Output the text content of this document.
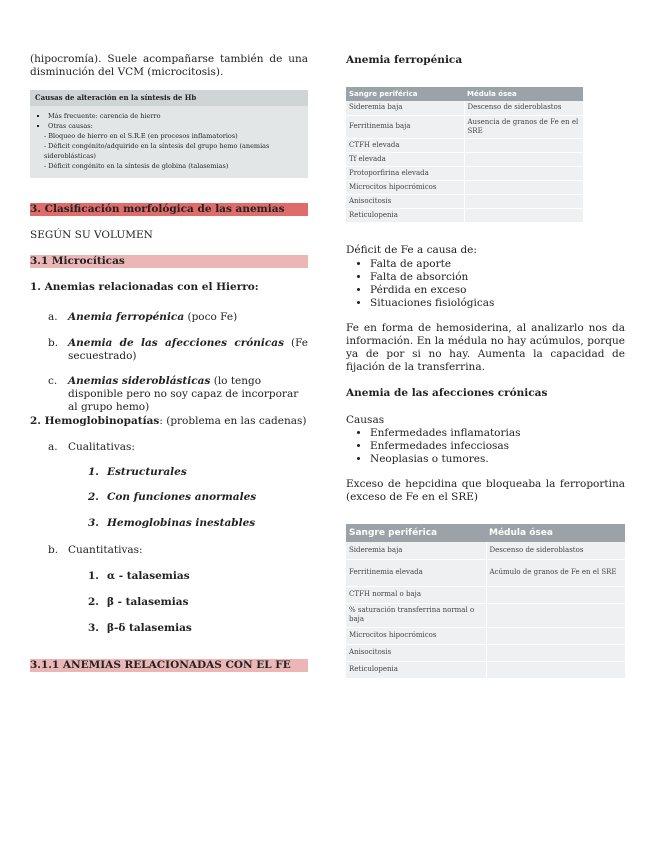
(hipocromía). Suele acompañarse también de una disminución del VCM (microcitosis).

Causas de alteración en la síntesis de Hb
▪ Más frecuente: carencia de hierro
▪ Otras causas:
- Bloqueo de hierro en el S.R.E (en procesos inflamatorios)
- Déficit congénito/adquirido en la síntesis del grupo hemo (anemias sideroblásticas)
- Déficit congénito en la síntesis de globina (talasemias)
3. Clasificación morfológica de las anemias
SEGÚN SU VOLUMEN
3.1 Microcíticas
1. Anemias relacionadas con el Hierro:
a. Anemia ferropénica (poco Fe)
b. Anemia de las afecciones crónicas (Fe secuestrado)
c. Anemias sideroblásticas (lo tengo disponible pero no soy capaz de incorporar al grupo hemo)
2. Hemoglobinopatías: (problema en las cadenas)
a. Cualitativas:
1. Estructurales
2. Con funciones anormales
3. Hemoglobinas inestables
b. Cuantitativas:
1. α - talasemias
2. β - talasemias
3. β-δ talasemias
3.1.1 ANEMIAS RELACIONADAS CON EL FE
Anemia ferropénica
Sangre periférica	Médula ósea
Sideremia baja	Descenso de sideroblastos
Ferritinemia baja	Ausencia de granos de Fe en el SRE
CTFH elevada	
Tf elevada	
Protoporfirina elevada	
Microcitos hipocrómicos	
Anisocitosis	
Reticulopenia	
Déficit de Fe a causa de:
• Falta de aporte
• Falta de absorción
• Pérdida en exceso
• Situaciones fisiológicas

Fe en forma de hemosiderina, al analizarlo nos da información. En la médula no hay acúmulos, porque ya de por si no hay. Aumenta la capacidad de fijación de la transferrina.

Anemia de las afecciones crónicas
Causas
• Enfermedades inflamatorias
• Enfermedades infecciosas
• Neoplasias o tumores.

Exceso de hepcidina que bloqueaba la ferroportina (exceso de Fe en el SRE)

Sangre periférica	Médula ósea
Sideremia baja	Descenso de sideroblastos
Ferritinemia elevada	Acúmulo de granos de Fe en el SRE
CTFH normal o baja	
% saturación transferrina normal o baja	
Microcitos hipocrómicos	
Anisocitosis	
Reticulopenia	
